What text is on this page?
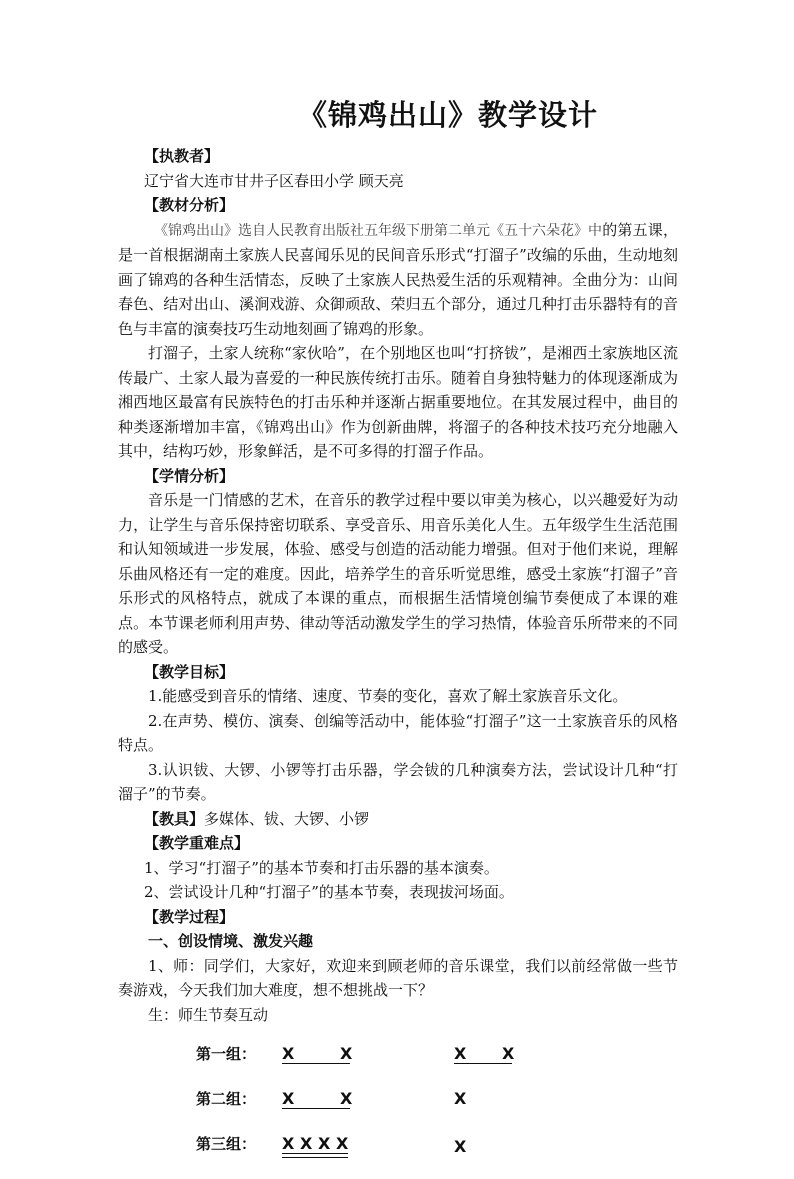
《锦鸡出山》教学设计
【执教者】
辽宁省大连市甘井子区春田小学 顾天亮
【教材分析】
《锦鸡出山》选自人民教育出版社五年级下册第二单元《五十六朵花》中的第五课，是一首根据湖南土家族人民喜闻乐见的民间音乐形式“打溜子”改编的乐曲，生动地刻画了锦鸡的各种生活情态，反映了土家族人民热爱生活的乐观精神。全曲分为：山间春色、结对出山、溪涧戏游、众御顽敌、荣归五个部分，通过几种打击乐器特有的音色与丰富的演奏技巧生动地刻画了锦鸡的形象。
打溜子，土家人统称“家伙哈”，在个别地区也叫“打挤钹”，是湘西土家族地区流传最广、土家人最为喜爱的一种民族传统打击乐。随着自身独特魅力的体现逐渐成为湘西地区最富有民族特色的打击乐种并逐渐占据重要地位。在其发展过程中，曲目的种类逐渐增加丰富，《锦鸡出山》作为创新曲牌，将溜子的各种技术技巧充分地融入其中，结构巧妙，形象鲜活，是不可多得的打溜子作品。
【学情分析】
音乐是一门情感的艺术，在音乐的教学过程中要以审美为核心，以兴趣爱好为动力，让学生与音乐保持密切联系、享受音乐、用音乐美化人生。五年级学生生活范围和认知领域进一步发展，体验、感受与创造的活动能力增强。但对于他们来说，理解乐曲风格还有一定的难度。因此，培养学生的音乐听觉思维，感受土家族“打溜子”音乐形式的风格特点，就成了本课的重点，而根据生活情境创编节奏便成了本课的难点。本节课老师利用声势、律动等活动激发学生的学习热情，体验音乐所带来的不同的感受。
【教学目标】
1.能感受到音乐的情绪、速度、节奏的变化，喜欢了解土家族音乐文化。
2.在声势、模仿、演奏、创编等活动中，能体验“打溜子”这一土家族音乐的风格特点。
3.认识钹、大锣、小锣等打击乐器，学会钹的几种演奏方法，尝试设计几种“打溜子”的节奏。
【教具】多媒体、钹、大锣、小锣
【教学重难点】
1、学习“打溜子”的基本节奏和打击乐器的基本演奏。
2、尝试设计几种“打溜子”的基本节奏，表现拔河场面。
【教学过程】
一、创设情境、激发兴趣
1、师：同学们，大家好，欢迎来到顾老师的音乐课堂，我们以前经常做一些节奏游戏，今天我们加大难度，想不想挑战一下？
生：师生节奏互动
第一组： X	X	X X
第二组： X	X	X
第三组： X X X X	X
